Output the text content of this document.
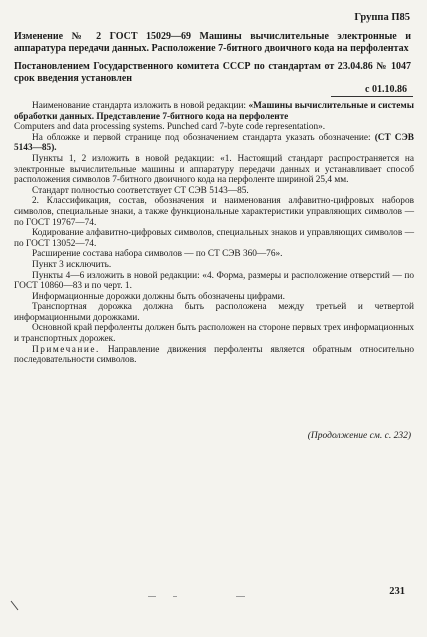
Группа П85

Изменение № 2 ГОСТ 15029—69 Машины вычислительные электронные и аппаратура передачи данных. Расположение 7-битного двоичного кода на перфолентах

Постановлением Государственного комитета СССР по стандартам от 23.04.86 № 1047 срок введения установлен

с 01.10.86

Наименование стандарта изложить в новой редакции: «Машины вычислительные и системы обработки данных. Представление 7-битного кода на перфоленте

Computers and data processing systems. Punched card 7-byte code representation».

На обложке и первой странице под обозначением стандарта указать обозначение: (СТ СЭВ 5143—85).

Пункты 1, 2 изложить в новой редакции: «1. Настоящий стандарт распространяется на электронные вычислительные машины и аппаратуру передачи данных и устанавливает способ расположения символов 7-битного двоичного кода на перфоленте шириной 25,4 мм.

Стандарт полностью соответствует СТ СЭВ 5143—85.

2. Классификация, состав, обозначения и наименования алфавитно-цифровых наборов символов, специальные знаки, а также функциональные характеристики управляющих символов — по ГОСТ 19767—74.

Кодирование алфавитно-цифровых символов, специальных знаков и управляющих символов — по ГОСТ 13052—74.

Расширение состава набора символов — по СТ СЭВ 360—76».

Пункт 3 исключить.

Пункты 4—6 изложить в новой редакции: «4. Форма, размеры и расположение отверстий — по ГОСТ 10860—83 и по черт. 1.

Информационные дорожки должны быть обозначены цифрами.

Транспортная дорожка должна быть расположена между третьей и четвертой информационными дорожками.

Основной край перфоленты должен быть расположен на стороне первых трех информационных и транспортных дорожек.

Примечание. Направление движения перфоленты является обратным относительно последовательности символов.

(Продолжение см. с. 232)
231
